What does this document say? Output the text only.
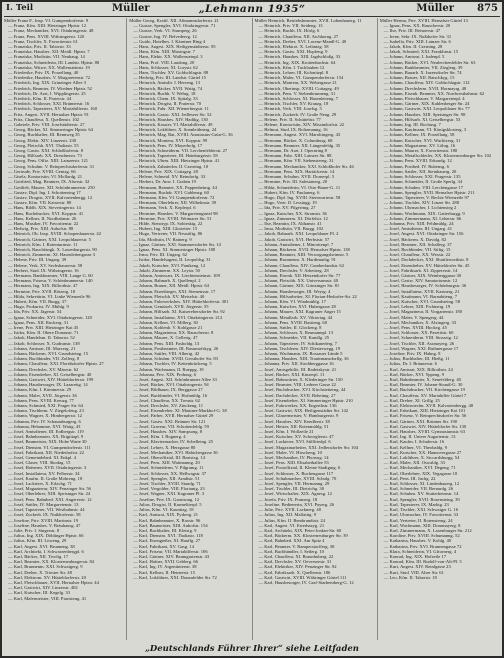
I. Teil	Müller	„Lehmann 1935“	Müller 875
Müller Franz F., Insp. VI. Gumpendorferstr. 9
— Franz, Kfm. XIII. Hietzinger Hptstr. 12
— Franz, Mechaniker, XVI. Ottakringerstr. 48
— Franz, Pens. XVIII. Währingerstr. 120
— Franz, Tischler, X. Favoritenstr. 61
— Franziska, Priv. II. Taborstr. 33
— Franziska, Hausbes. XII. Meidl. Hptstr. 7
— Franziska, Modistin, VII. Neubaug. 14
— Franziska, Schneiderin, III. Landstr. Hptstr. 88
— Franziska, Witwe, XX. Wallensteinstr. 19
— Friederike, Priv. IX. Porzellang. 40
— Friederike, Hausbes. V. Margaretenstr. 72
— Friedrich, Ing. XIX. Grinzinger Allee 3
— Friedrich, Beamter, IV. Wiedner Hptstr. 52
— Friedrich, Dr. Arzt, I. Wipplingerstr. 25
— Friedrich, Kfm. II. Praterstr. 44
— Friedrich, Schlosser, XXI. Brünnerstr. 16
— Friedrich, Tapezierer, XV. Mariahilferstr. 160
— Fritz, Angest. XVII. Hernalser Hptstr. 91
— Fritz, Chauffeur, X. Quellenstr. 102
— Gabriele, Priv. VIII. Josefstädterstr. 27
— Georg, Bäcker, XI. Simmeringer Hptstr. 64
— Georg, Buchhalter, III. Rennweg 35
— Georg, Elektr. XIV. Linzerstr. 230
— Georg, Fleischh. XVI. Thaliastr. 55
— Georg, Gastw. XXI. Schloßhoferstr. 8
— Georg, Hilfsarb. XX. Dresdnerstr. 73
— Georg, Pens. Offiz. XIII. Lainzerstr. 121
— Georg, Schuhm. V. Reinprechtsdorferstr. 31
— Gertrude, Priv. XVIII. Gentzg. 66
— Gisela, Kontoristin, VI. Mollardg. 21
— Gottfried, Mag. Beamter, IX. Alserstr. 32
— Gottlieb, Maurer, XII. Schönbrunnerstr. 250
— Gustav, Dipl. Ing. I. Schottenring 17
— Gustav, Drogist, XVII. Kalvarienbergg. 12
— Gustav, Kfm. VII. Kaiserstr. 80
— Hans, Bildh. XIX. Sieveringerstr. 14
— Hans, Buchdrucker, XVI. Koppstr. 41
— Hans, Kellner, II. Nordbahnstr. 26
— Hans, Musiker, IV. Favoritenstr. 22
— Hedwig, Priv. XIII. Auhofstr. 88
— Heinrich, Ob. Insp. XVIII. Schopenhauerstr. 42
— Heinrich, Gärtner, XXI. Leopoldauerstr. 5
— Heinrich, Kfm. I. Rotenturmstr. 11
— Heinrich, Rauchfangk. X. Laxenburgerstr. 90
— Heinrich, Zimmerm. XI. Hasenleitengasse 3
— Helene, Priv. III. Ungarg. 39
— Helene, Verk. XV. Sechshauserstr. 58
— Herbert, Stud. IX. Währingerstr. 16
— Hermann, Bankbeamter, VIII. Lange G. 60
— Hermann, Friseur, V. Schönbrunnerstr. 140
— Hermann, Ing. XIX. Billrothstr. 47
— Hermine, Priv. XVII. Rötzerg. 18
— Hilda, Sekretärin, VI. Linke Wienzeile 96
— Hubert, Kfm. VII. Burgg. 37
— Hugo, Prokurist, IV. Mühlg. 9
— Ida, Priv. XX. Jägerstr. 54
— Ignaz, Schneider, XVI. Ottakringerstr. 120
— Ignaz, Pens. XII. Ruckerg. 31
— Irene, Priv. XIII. Hietzinger Kai 45
— Isidor, Kfm. II. Obere Donaustr. 71
— Jakob, Handelsm. II. Taborstr. 52
— Jakob, Schlosser, X. Gudrunstr. 138
— Johann, Amtsrat, III. Marxerg. 21
— Johann, Bäckerm. XVI. Grundsteing. 15
— Johann, Buchbinder, VII. Zollerg. 8
— Johann, Chauffeur, XXI. Floridsdorfer Hptstr. 27
— Johann, Drechsler, XV. Märzstr. 62
— Johann, Eisendreher, XI. Geiselbergstr. 40
— Johann, Gastwirt, XIV. Hütteldorferstr. 199
— Johann, Hausbesorger, IX. Lazarettg. 14
— Johann, Kfm. I. Kärntnerstr. 29
— Johann, Maler, XVII. Jörgerstr. 36
— Johann, Pens. XVIII. Kreuzg. 77
— Johann, Schmied, XXI. Prager Str. 64
— Johann, Tischlerm. V. Ziegelofeng. 23
— Johann, Wagner, X. Himbergerstr. 12
— Johanna, Priv. IV. Schaumburgerg. 6
— Johanna, Hebamme, XVI. Wattg. 43
— Josef, Amtsdiener, III. Erdbergstr. 119
— Josef, Bahnbeamter, XX. Brigittapl. 9
— Josef, Baumeister, XIX. Hohe Warte 30
— Josef, Dienstm. VI. Gumpendorferstr. 111
— Josef, Fabrikant, XII. Niederhofstr. 22
— Josef, Gemeindebed. XI. Enkpl. 4
— Josef, Glaser, VIII. Skodag. 15
— Josef, Hafnerm. XVII. Ottakringerstr. 3
— Josef, Installateur, XV. Felberstr. 34
— Josef, Kaufm. II. Große Mohreng. 18
— Josef, Lackierer, X. Erlachg. 71
— Josef, Magazineur, XIV. Penzinger Str. 56
— Josef, Oberlehrer, XIII. Speisinger Str. 24
— Josef, Pens. Bahnbed. XXI. Angererstr. 12
— Josef, Sattler, IV. Margaretenstr. 13
— Josef, Tapezierer, VII. Westbahnstr. 44
— Josef, Zuckerb. IX. Nußdorferstr. 58
— Josefine, Priv. XVIII. Martinstr. 19
— Josefine, Hausbes. V. Bräuhausg. 47
— Julie, Priv. I. Singerstr. 8
— Julius, Ing. XIX. Döblinger Hptstr. 66
— Julius, Kfm. III. Löweng. 29
— Karl, Angest. XVI. Brunneng. 38
— Karl, Architekt, I. Schwarzenbergpl. 6
— Karl, Bäcker, XII. Tivolig. 17
— Karl, Beamter, XX. Klosterneuburgerstr. 84
— Karl, Brunnenm. XXI. Schwaigerg. 9
— Karl, Dreher, X. Triester Str. 48
— Karl, Elektrom. XV. Hütteldorferstr. 20
— Karl, Fleischhauer, XVII. Hernalser Hptstr. 44
— Karl, Gastwirt, XIV. Linzerstr. 402
— Karl, Kutscher, III. Kegelg. 33
— Karl, Malermeister, VIII. Piaristeng. 41
Müller Georg, Kraftf. XII. Altmannsdorferstr. 21
— Gustav, Spengler, XVI. Ottakringerstr. 71
— Gustav, Verk. VI. Stumperg. 26
— Gustav, Ing. IV. Belvedereg. 12
— Guido, Hotelbes. I. Kärntner Ring 4
— Hans, Angest. XIX. Heiligenstädterstr. 95
— Hans, Kfm. XIII. Maxingstr. 7
— Hans, Elektr. XX. Wallensteinpl. 3
— Hans, Prof. VIII. Laudong. 20
— Hans, Schlosser, XI. Lorystr. 62
— Hans, Tischler, XV. Goldschlagstr. 88
— Hedwig, Priv. III. Landstr. Gürtel 15
— Heinrich, Amtsdir. I. Herreng. 13
— Heinrich, Bäcker, XVII. Wattg. 74
— Heinrich, Buchh. V. Wehrg. 18
— Heinrich, Chem. IX. Spitalg. 33
— Heinrich, Drogist, II. Praterstr. 70
— Heinrich, Fabr. XII. Wienerbergstr. 11
— Heinrich, Gastw. XXI. Jedleseer Str. 52
— Heinrich, Hausbes. XIV. Hadikg. 130
— Heinrich, Kassier, VI. Mariahilferstr. 49
— Heinrich, Lokführer, X. Sonnleithnerg. 24
— Heinrich, Mag. Rat, XVIII. Anastasius-Grün-G. 36
— Heinrich, Monteur, XVI. Koppstr. 99
— Heinrich, Pens. IV. Mayerhofg. 17
— Heinrich, Schneiderm. VII. Lerchenfelderstr. 27
— Heinrich, Tapezierer, III. Hainburgerstr. 58
— Heinrich, Uhrm. XIII. Hietzinger Hptstr. 41
— Heinrich, Zahntechn. II. Czerning. 10
— Helene, Priv. XIX. Cottageg. 28
— Helene, Schneid. XV. Reindorfg. 33
— Herbert, Dr. Anw. I. Graben 19
— Hermann, Beamter, XX. Pappenheimg. 44
— Hermann, Buchdr. XVI. Gablenzg. 60
— Hermann, Kfm. VI. Gumpendorferstr. 72
— Hermann, Oberlehrer, XII. Wilhelmstr. 39
— Hermann, Verk. X. Keplerpl. 6
— Hermine, Hausbes. V. Margaretengürtel 98
— Hermine, Priv. XVIII. Weimarer Str. 51
— Hilde, Stenotyp. IX. Sobieskig. 22
— Hubert, Ing. XIII. Gloriettег. 15
— Hugo, Vertreter, VII. Neustiftg. 86
— Ida, Modistin, IV. Rainerg. 9
— Ignaz, Gärtner, XXI. Stammersdorfer Str. 14
— Ignaz, Pens. XI. Simmeringer Hptstr. 180
— Irma, Priv. III. Ungarg. 62
— Isidor, Handelsagent, II. Leopoldsg. 31
— Jakob, Kutscher, XVI. Panikeng. 12
— Jakob, Zimmerm. XX. Leystr. 50
— Johann, Amtswart, IX. Liechtensteinstr. 109
— Johann, Bahnarb. X. Quellenpl. 2
— Johann, Brauer, XII. Meidl. Hptstr. 64
— Johann, Eisenbieger, XXI. Siemensstr. 17
— Johann, Fleischh. XV. Meiselstr. 40
— Johann, Fuhrwerksbes. XIV. Hütteldorferstr. 301
— Johann, Gemüseh. XVII. Jörgerstr. 55
— Johann, Hilfsarb. XI. Kaiserebersdorfer Str. 92
— Johann, Installateur, XVI. Ottakringerstr. 212
— Johann, Kellner, VI. Millerg. 30
— Johann, Kohlenh. V. Kohlgasse 21
— Johann, Magazineur, XX. Rauscherstr. 8
— Johann, Maurer, X. Gellertg. 47
— Johann, Pens. XIII. Fasholdg. 13
— Johann, Postbeamter, III. Rasumofskyg. 26
— Johann, Sattler, VIII. Albertg. 42
— Johann, Schuhm. XVIII. Gersthofer Str. 83
— Johann, Tischler, IV. Kettenbrückeng. 5
— Johann, Wachmann, II. Rueppg. 19
— Johanna, Priv. XIX. Probusg. 6
— Josef, Angest. XII. Schönbrunner Allee 33
— Josef, Bäcker, XVI. Ottakringerstr. 94
— Josef, Bildhauer, IX. Berggasse 27
— Josef, Buchbinder, VI. Hofmühlg. 16
— Josef, Chauffeur, XX. Treustr. 62
— Josef, Drechsler, XV. Zinckeng. 11
— Josef, Eisendreher, XI. Mautner-Markhof-G. 38
— Josef, Färber, XVII. Hernalser Gürtel 29
— Josef, Gastw. XXI. Brünner Str. 121
— Josef, Graveur, VII. Schottenfeldg. 59
— Josef, Hausbes. XIV. Sampsong. 8
— Josef, Kfm. I. Bognerg. 4
— Josef, Klaviermacher, IV. Schelleing. 25
— Josef, Lehrer, X. Herzgasse 80
— Josef, Mechaniker, XVI. Habichergasse 36
— Josef, Oberoffizial, III. Beatrixg. 14
— Josef, Pens. XIII. Wattmanng. 20
— Josef, Schneiderm. V. Pilgramg. 11
— Josef, Schlosser, XX. Hellwagstr. 37
— Josef, Spengler, XII. Arndtstr. 51
— Josef, Tischler, XVIII. Staudg. 71
— Josef, Vergolder, VIII. Florianig. 23
— Josef, Wagner, XXI. Kagraner Pl. 3
— Josefine, Priv. IX. Garnisong. 12
— Julius, Drogist, II. Karmeliterpl. 5
— Julius, Kfm. VI. Kaunitzg. 18
— Karl, Amtsrat, XIX. Pyrkerg. 21
— Karl, Bahnbeamter, X. Raxstr. 96
— Karl, Baumeister, XIII. Auhofstr. 154
— Karl, Buchhalter, III. Kleistg. 9
— Karl, Dienstm. XVI. Thaliastr. 118
— Karl, Eisengießer, XI. Hauffg. 27
— Karl, Fabrikant, XV. Gasg. 14
— Karl, Friseur, VII. Mariahilferstr. 106
— Karl, Gärtner, XIV. Baumgartenstr. 43
— Karl, Hafner, XVII. Geblerg. 66
— Karl, Ing. IV. Argentinierstr. 38
— Karl, Kellner, II. Heineestr. 15
— Karl, Lokführer, XXI. Donaufelder Str. 72
Müller Heinrich, Betriebsbeamter, XVII. Lobenhauerg. 11
— Heinrich, Priv. VII. Seideng. 13
— Heinrich, Buchh. IX. Hörlg. 6
— Heinrich, Chauffeur, XII. Aichhorng. 27
— Heinrich, Dreher, XVI. Lorenz-Mandl-G. 40
— Heinrich, Elektrot. X. Leibnizg. 58
— Heinrich, Gastw. XXI. Hopfeng. 9
— Heinrich, Hausbes. XIII. Jagdschloßg. 33
— Heinrich, Ing. XIX. Krottenbachstr. 64
— Heinrich, Kfm. I. Tuchlauben 12
— Heinrich, Lehrer, III. Kolonitzpl. 8
— Heinrich, Maler, VI. Gumpendorferstr. 154
— Heinrich, Monteur, XX. Webergasse 21
— Heinrich, Oberinsp. XVIII. Cottageg. 49
— Heinrich, Pens. V. Siebenbrunneng. 31
— Heinrich, Schlosser, XI. Hasenleiteng. 7
— Heinrich, Tischler, XV. Kranzg. 18
— Heinrich, Verk. VIII. Josefsg. 5
— Heinrich, Zuckerb. IV. Große Neug. 29
— Helene, Priv. II. Schüttelstr. 77
— Helene, Kontoristin, XIV. Missindorfstr. 22
— Helmut, Stud. IX. Boltzmanng. 16
— Hermann, Angest. XVI. Maroltingerg. 43
— Hermann, Bäcker, X. Columbusg. 68
— Hermann, Beamter, XII. Längenfeldg. 35
— Hermann, Dr. Arzt, I. Opernring 8
— Hermann, Fabr. XIII. Lainzer Str. 88
— Hermann, Kfm. VII. Siebensterng. 31
— Hermann, Mechaniker, XXI. Schloßhofer Str. 46
— Hermann, Pens. XIX. Hartäckerstr. 14
— Hermann, Schuhm. XVII. Dornerpl. 5
— Hermine, Priv. III. Salesianerg. 20
— Hilda, Schneiderin, VI. Otto-Bauer-G. 11
— Hubert, Kfm. IV. Paulanerg. 6
— Hugo, Dipl. Ing. XVIII. Sternwartestr. 58
— Hugo, Vertr. II. Lessingg. 19
— Ida, Priv. XV. Pilgerimg. 27
— Ignaz, Kutscher, XX. Stromstr. 36
— Ignaz, Zimmerm. XI. Dörfelstr. 12
— Ilse, Beamtin, IX. Althanstr. 41
— Irma, Modistin, VII. Burgg. 102
— Jakob, Bahnarb. XXI. Leopoldauer Pl. 2
— Jakob, Gastwirt, XVI. Herbststr. 57
— Johann, Amtsdiener, I. Minoritenpl. 7
— Johann, Bäckerm. XVII. Hernalser Hptstr. 138
— Johann, Beamter, XIII. Versorgungsheimstr. 5
— Johann, Brunnenm. X. Hardtmuthg. 91
— Johann, Chauffeur, XIV. Cumberlandstr. 62
— Johann, Drechsler, V. Arbeiterg. 28
— Johann, Eisenb. XII. Hetzendorfer Str. 77
— Johann, Fleischh. XX. Universumstr. 40
— Johann, Gärtner, XIX. Grinzinger Str. 81
— Johann, Hausbesorger, III. Weyrg. 4
— Johann, Hilfsarbeiter, XI. Florian-Hedorfer-Str. 22
— Johann, Kfm. VI. Windmühlg. 17
— Johann, Kutscher, XVI. Hubergasse 28
— Johann, Maurer, XXI. Kagraner Anger 15
— Johann, Metallarb. XV. Viktoriag. 44
— Johann, Pens. XVIII. Bastieng. 60
— Johann, Sattler, II. Glockeng. 8
— Johann, Schlosser, X. Reumannpl. 13
— Johann, Schneider, VII. Kandlg. 25
— Johann, Tapezierer, IV. Schikanederg. 7
— Johann, Tischlerm. XIV. Diesterwegg. 19
— Johann, Wachmann, IX. Rossauer Lände 5
— Johanna, Hausbes. XIII. Trauttmansdorffg. 36
— Johanna, Priv. XII. Strohberggasse 16
— Josef, Amtsgehilfe, III. Radetzkystr. 21
— Josef, Bäcker, XXI. Kinzerpl. 11
— Josef, Bahnwärter, X. Klederinger Str. 150
— Josef, Beamter, VIII. Lederer Gasse 22
— Josef, Buchdrucker, XVI. Kirchstetterng. 44
— Josef, Dachdecker, XVII. Beheimg. 27
— Josef, Eisendreher, XI. Simmeringer Hptstr. 210
— Josef, Fuhrwerker, XX. Engerthstr. 136
— Josef, Gastwirt, XIX. Heiligenstädter Str. 142
— Josef, Glasermeister, V. Hamburgerstr. 9
— Josef, Hausbes. XIV. Kendlerstr. 38
— Josef, Heizer, XII. Rotenmühlg. 51
— Josef, Kfm. I. Wollzeile 21
— Josef, Kutscher, XV. Schweglerstr. 47
— Josef, Lackierer, XVI. Stillfriedpl. 6
— Josef, Magazinarbeiter, XXI. Jedlersdorfer Str. 104
— Josef, Maler, VI. Hirscheng. 10
— Josef, Mechaniker, IV. Phorusg. 14
— Josef, Pens. XIII. Elisabethallee 53
— Josef, Postoffizial, II. Kleine Stadtgutg. 6
— Josef, Schlosser, X. Buchengasse 117
— Josef, Schuhmacher, XVIII. Schulg. 70
— Josef, Spengler, VII. Hermanng. 29
— Josef, Tischler, III. Dietrichg. 30
— Josef, Wirtschafter, XIX. Agnesg. 12
— Josefa, Priv. IX. Pramerg. 18
— Josefine, Bedienerin, XVI. Payerg. 26
— Julie, Priv. XVII. Lacknerg. 40
— Julius, Ing. XII. Malfattig. 9
— Julius, Kfm. II. Rembrandtstr. 24
— Karl, Angest. VI. Esterhazyg. 21
— Karl, Architekt, XIX. Peter-Jordan-Str. 60
— Karl, Bäckerm. XX. Klosterneuburger Str. 39
— Karl, Bahnbed. XXI. Am Spitz 4
— Karl, Beamter, V. Ramperstorfferg. 38
— Karl, Buchhändler, I. Seilerg. 10
— Karl, Chauffeur, XI. Braunhuberg. 22
— Karl, Drechsler, XV. Oeverseestr. 31
— Karl, Elektriker, XIV. Penzinger Str. 92
— Karl, Fabriksarb. X. Quellenstr. 186
— Karl, Gastwirt, XVIII. Währinger Gürtel 111
— Karl, Hausbesorger, IV. Graf-Starhemberg-G. 12
Müller Herma, Priv. XVIII. Hernalser Gürtel 13
— Ignaz, Pens. XX. Rauscherstr. 20
— Ilse, Priv. III. Reisnerstr. 47
— Irene, Sekr. IX. Nußdorfer Str. 31
— Isabella, Priv. XIII. Lainzer Str. 6
— Jakob, Kfm. II. Czerning. 28
— Jakob, Schmied, XXI. Franklinstr. 15
— Johann, Amtsrat, I. Judenpl. 5
— Johann, Bäcker, XVI. Neulerchenfelder Str. 63
— Johann, Bankbeamter, VII. Zieglerg. 39
— Johann, Bauarb. X. Inzersdorfer Str. 74
— Johann, Brauer, XII. Ratschkyg. 15
— Johann, Chauffeur, XIV. Goldschlagstr. 112
— Johann, Drechslerm. XVII. Hormayrg. 48
— Johann, Eisenb. Beamter, XX. Nordwestbahnstr. 62
— Johann, Fleischhauer, V. Margaretenpl. 4
— Johann, Gärtner, XIX. Kahlenberger Str. 24
— Johann, Gastwirt, XXI. Leopoldauer Str. 77
— Johann, Hausbes. XIII. Speisinger Str. 98
— Johann, Hilfsarb. XI. Geiselbergstr. 53
— Johann, Ing. III. Rochusg. 7
— Johann, Kaufmann, VI. Königsklosterg. 3
— Johann, Kellner, IX. Porzellang. 58
— Johann, Kutscher, XVI. Wurlitzerg. 31
— Johann, Magazineur, XV. Löhrg. 16
— Johann, Maurer, X. Favoritenstr. 180
— Johann, Metallschleifer, XX. Klosterneuburger Str. 102
— Johann, Pens. XVIII. Eduardg. 12
— Johann, Postbed. IV. Rubensg. 6
— Johann, Sattler, XII. Steinbauerg. 20
— Johann, Schlosser, XXI. Pragerstr. 135
— Johann, Schneider, II. Große Sperlg. 34
— Johann, Schuhm. VIII. Lerchengasse 17
— Johann, Spengler, XVII. Hernalser Hptstr. 211
— Johann, Tapezierer, V. Rechte Wienzeile 97
— Johann, Tischler, XIV. Linzer Str. 288
— Johann, Uhrmacher, I. Lichtensteg 2
— Johann, Wachmann, XIX. Gatterburgg. 9
— Johann, Zimmermann, XI. Leberstr. 66
— Johanna, Priv. XIII. Feldmühlg. 24
— Josef, Amtsdiener, III. Ungarg. 41
— Josef, Angest. XVI. Ottakringer Str. 156
— Josef, Bäckerm. X. Davidg. 82
— Josef, Beamter, XII. Schallerg. 37
— Josef, Buchbinder, VII. Stiftg. 15
— Josef, Chauffeur, XX. Wexstr. 22
— Josef, Dachdecker, XXI. Shuttleworthstr. 8
— Josef, Eisendreher, XV. Hütteldorfer Str. 45
— Josef, Fabriksarb. XI. Zippererstr. 14
— Josef, Gärtner, XIX. Weinberggasse 30
— Josef, Gastw. XIV. Sanatoriumstr. 12
— Josef, Hausbesorger, IV. Schönburgstr. 36
— Josef, Installateur, XVII. Kastnerg. 21
— Josef, Kaufmann, VI. Barnabiteng. 7
— Josef, Kutscher, XVI. Grundsteing. 58
— Josef, Lehrer, XIII. Fichtnerg. 19
— Josef, Magazineur, II. Vorgartenstr. 180
— Josef, Maler, V. Spengerg. 44
— Josef, Mechaniker, X. Alxingerg. 33
— Josef, Pens. XVIII. Hockeg. 45
— Josef, Schlosser, XX. Pasettistr. 60
— Josef, Schneiderm. VIII. Strozzig. 12
— Josef, Tischler, XII. Assmayerg. 26
— Josef, Wagner, XXI. Ruthnergasse 17
— Josefine, Priv. IX. Hahng. 8
— Julius, Buchhalter, III. Hießg. 11
— Julius, Dr. I. Bräunerstr. 6
— Karl, Amtsrat, XIX. Billrothstr. 24
— Karl, Bäcker, XVI. Yppeng. 9
— Karl, Bahnbeamter, X. Senefelderg. 40
— Karl, Beamter, IV. Johann-Strauß-G. 30
— Karl, Buchdrucker, VII. Kirchengasse 19
— Karl, Chauffeur, XV. Mariahilfer Gürtel 7
— Karl, Dreher, XI. Grillg. 25
— Karl, Elektrotechn. XVII. Kalvarienbergg. 48
— Karl, Fabrikant, XIII. Hietzinger Kai 101
— Karl, Friseur, V. Reinprechtsdorfer Str. 56
— Karl, Gärtner, XXI. Brünner Str. 190
— Karl, Gastwirt, XIV. Hütteldorfer Str. 130
— Karl, Hausbes. XVIII. Gymnasiumstr. 63
— Karl, Ing. II. Untere Augartenstr. 13
— Karl, Kaufm. I. Schulerstr. 16
— Karl, Kellner, VI. Theobaldg. 9
— Karl, Kutscher, XX. Hannovergasse 27
— Karl, Lokführer, X. Siccardsburgg. 54
— Karl, Maler, XII. Oswaldg. 33
— Karl, Mechaniker, XVI. Degeng. 71
— Karl, Oberlehrer, XIX. Vegagasse 10
— Karl, Pens. III. Juchg. 22
— Karl, Schlosser, XI. Lindenbauerg. 12
— Karl, Schneider, VII. Bernardg. 26
— Karl, Schuhm. XV. Stutterheimstr. 14
— Karl, Spengler, XVII. Rosensteing. 39
— Karl, Tapezierer, IX. Marktg. 23
— Karl, Tischler, XXI. Schwaiger G. 16
— Karl, Uhrmacher, IV. Favoritenstr. 33
— Karl, Vertreter, II. Rotensterng. 24
— Karl, Wachmann, XIII. Dommayerg. 8
— Karl, Zimmermann, X. Laxenburger Str. 212
— Karoline, Priv. XVIII. Schumanng. 52
— Katharina, Hausbes. V. Kohlg. 40
— Katharina, Priv. XVI. Brunnengasse 72
— Klara, Schneiderin, VI. Gfrornerg. 4
— Konrad, Ing. XIX. Hofzeile 17
— Konrad, Kfm. III. Rudolf-von-Alt-Pl. 5
— Kurt, Angest. XIV. Reinlgasse 23
— Kurt, Stud. VIII. Alser Str. 61
— Leo, Kfm. II. Taborstr. 18
„Deutschlands Führer Ihrer“ siehe Leitfaden
